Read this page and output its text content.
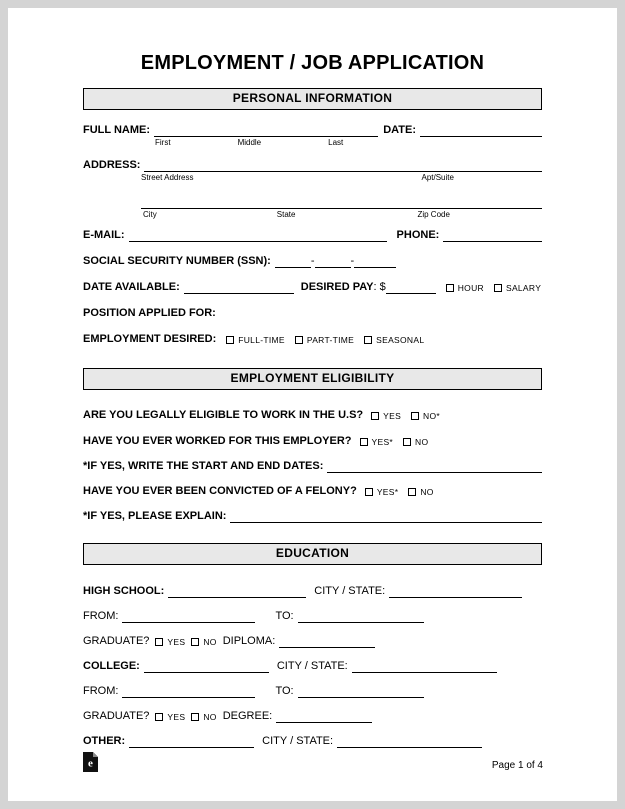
EMPLOYMENT / JOB APPLICATION
PERSONAL INFORMATION
FULL NAME:	DATE:
First	Middle	Last
ADDRESS:
Street Address	Apt/Suite
City	State	Zip Code
E-MAIL:	PHONE:
SOCIAL SECURITY NUMBER (SSN):	-	-
DATE AVAILABLE:	DESIRED PAY : $	HOUR	SALARY
POSITION APPLIED FOR:
EMPLOYMENT DESIRED:	FULL-TIME	PART-TIME	SEASONAL
EMPLOYMENT ELIGIBILITY
ARE YOU LEGALLY ELIGIBLE TO WORK IN THE U.S? YES	NO*
HAVE YOU EVER WORKED FOR THIS EMPLOYER? YES*	NO
*IF YES, WRITE THE START AND END DATES:
HAVE YOU EVER BEEN CONVICTED OF A FELONY? YES*	NO
*IF YES, PLEASE EXPLAIN:
EDUCATION
HIGH SCHOOL:	CITY / STATE:
FROM:	TO:
GRADUATE? YES NO DIPLOMA:
COLLEGE:	CITY / STATE:
FROM:	TO:
GRADUATE? YES NO DEGREE:
OTHER:	CITY / STATE:
e	Page 1 of 4
